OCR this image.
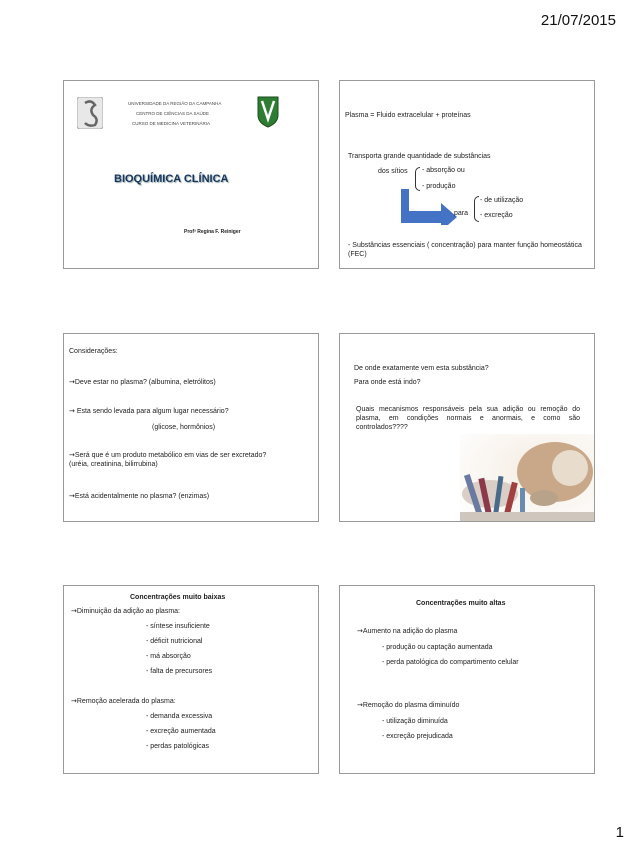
21/07/2015
UNIVERSIDADE DA REGIÃO DA CAMPANHA
CENTRO DE CIÊNCIAS DA SAÚDE
CURSO DE MEDICINA VETERINÁRIA
BIOQUÍMICA CLÍNICA
Profª Regina F. Reiniger
Plasma = Fluido extracelular + proteínas
Transporta grande quantidade de substâncias
dos sítios - absorção ou
- produção
para
- de utilização
- excreção
- Substâncias essenciais ( concentração) para manter função homeostática (FEC)
Considerações:
→Deve estar no plasma? (albumina, eletrólitos)
→ Esta sendo levada para algum lugar necessário?
(glicose, hormônios)
→Será que é um produto metabólico em vias de ser excretado? (uréia, creatinina, bilirrubina)
→Está acidentalmente no plasma? (enzimas)
De onde exatamente vem esta substância?
Para onde está indo?
Quais mecanismos responsáveis pela sua adição ou remoção do plasma, em condições normais e anormais, e como são controlados????
Concentrações muito baixas
→Diminuição da adição ao plasma:
- síntese insuficiente
- déficit nutricional
- má absorção
- falta de precursores
→Remoção acelerada do plasma:
- demanda excessiva
- excreção aumentada
- perdas patológicas
Concentrações muito altas
→Aumento na adição do plasma
- produção ou captação aumentada
- perda patológica do compartimento celular
→Remoção do plasma diminuído
- utilização diminuída
- excreção prejudicada
1
